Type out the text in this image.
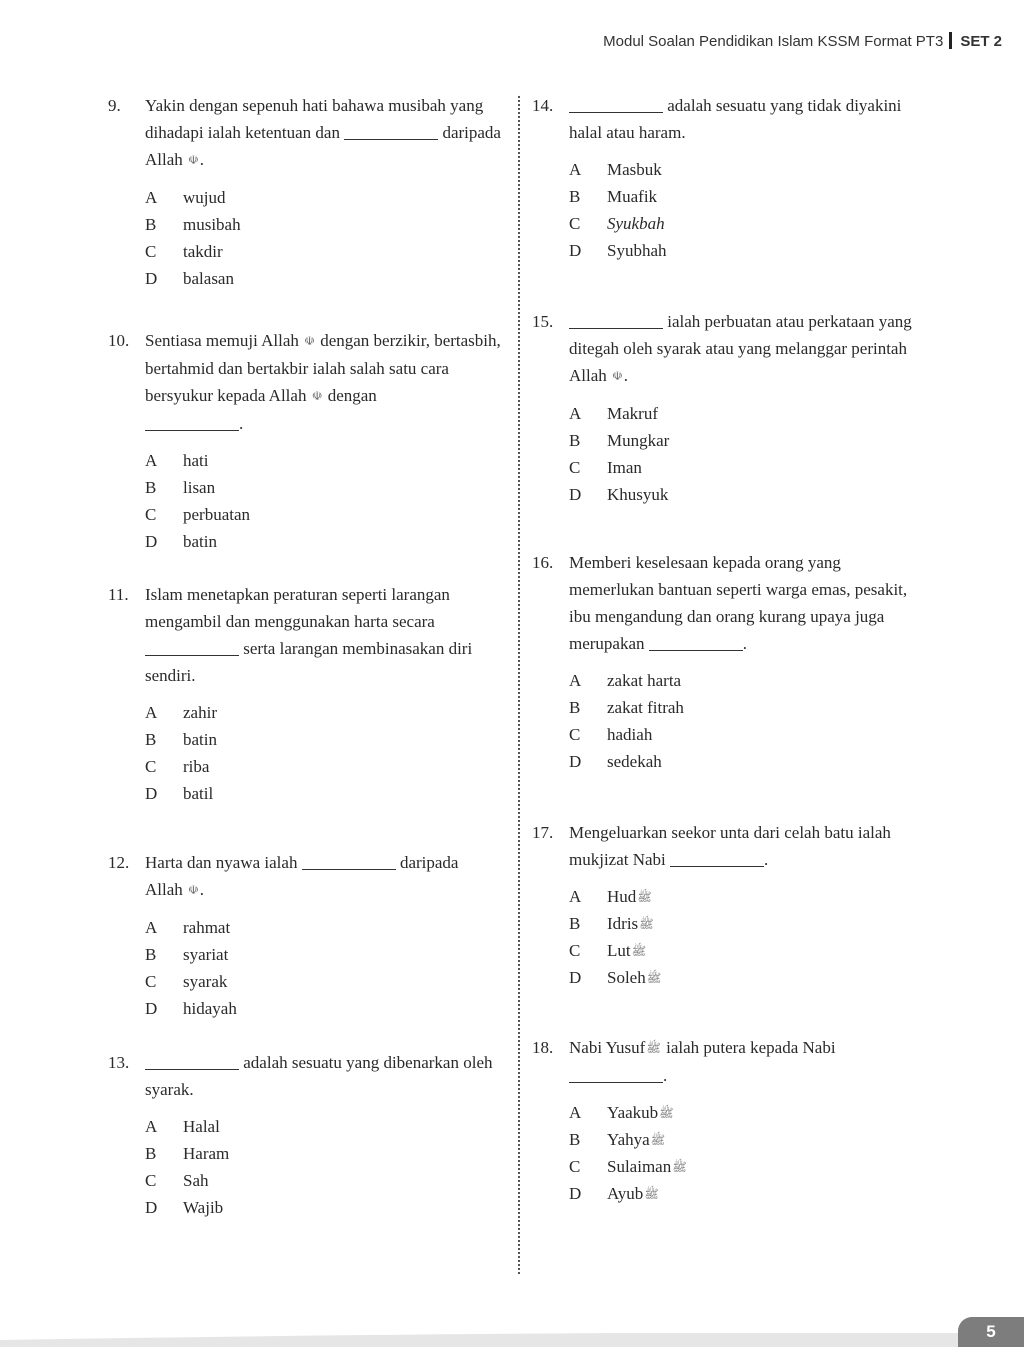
Modul Soalan Pendidikan Islam KSSM Format PT3 SET 2
9. Yakin dengan sepenuh hati bahawa musibah yang dihadapi ialah ketentuan dan	daripada Allah ☫.
A wujud
B musibah
C takdir
D balasan
10. Sentiasa memuji Allah ☫ dengan berzikir, bertasbih, bertahmid dan bertakbir ialah salah satu cara bersyukur kepada Allah ☫ dengan
.
A hati
B lisan
C perbuatan
D batin
11. Islam menetapkan peraturan seperti larangan mengambil dan menggunakan harta secara  serta larangan membinasakan diri sendiri.
A zahir
B batin
C riba
D batil
12. Harta dan nyawa ialah	daripada Allah ☫.
A rahmat
B syariat
C syarak
D hidayah
13.	adalah sesuatu yang dibenarkan oleh syarak.
A Halal
B Haram
C Sah
D Wajib
14.	adalah sesuatu yang tidak diyakini halal atau haram.
A Masbuk
B Muafik
C Syukbah
D Syubhah
15.	ialah perbuatan atau perkataan yang ditegah oleh syarak atau yang melanggar perintah Allah ☫.
A Makruf
B Mungkar
C Iman
D Khusyuk
16. Memberi keselesaan kepada orang yang memerlukan bantuan seperti warga emas, pesakit, ibu mengandung dan orang kurang upaya juga merupakan	.
A zakat harta
B zakat fitrah
C hadiah
D sedekah
17. Mengeluarkan seekor unta dari celah batu ialah mukjizat Nabi	.
A Hudﷺ
B Idrisﷺ
C Lutﷺ
D Solehﷺ
18. Nabi Yusufﷺ ialah putera kepada Nabi
.
A Yaakubﷺ
B Yahyaﷺ
C Sulaimanﷺ
D Ayubﷺ
5
